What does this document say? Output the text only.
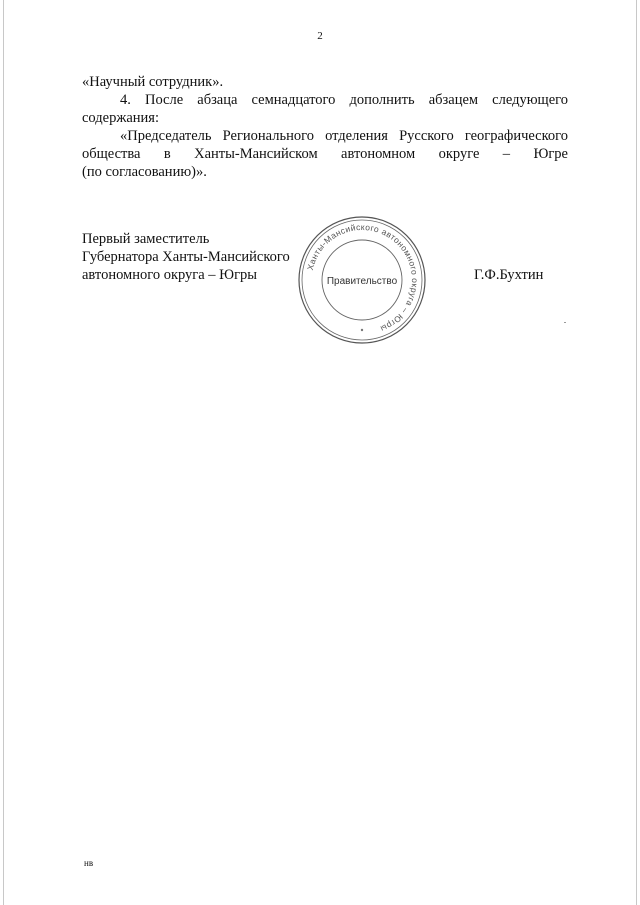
2

«Научный сотрудник».

4. После абзаца семнадцатого дополнить абзацем следующего

содержания:

«Председатель Регионального отделения Русского географического

общества в Ханты-Мансийском автономном округе – Югре

(по согласованию)».

Первый заместитель
Губернатора Ханты-Мансийского
автономного округа – Югры
Ханты-Мансийского автономного округа – Югры
Правительство	Г.Ф.Бухтин
нв
